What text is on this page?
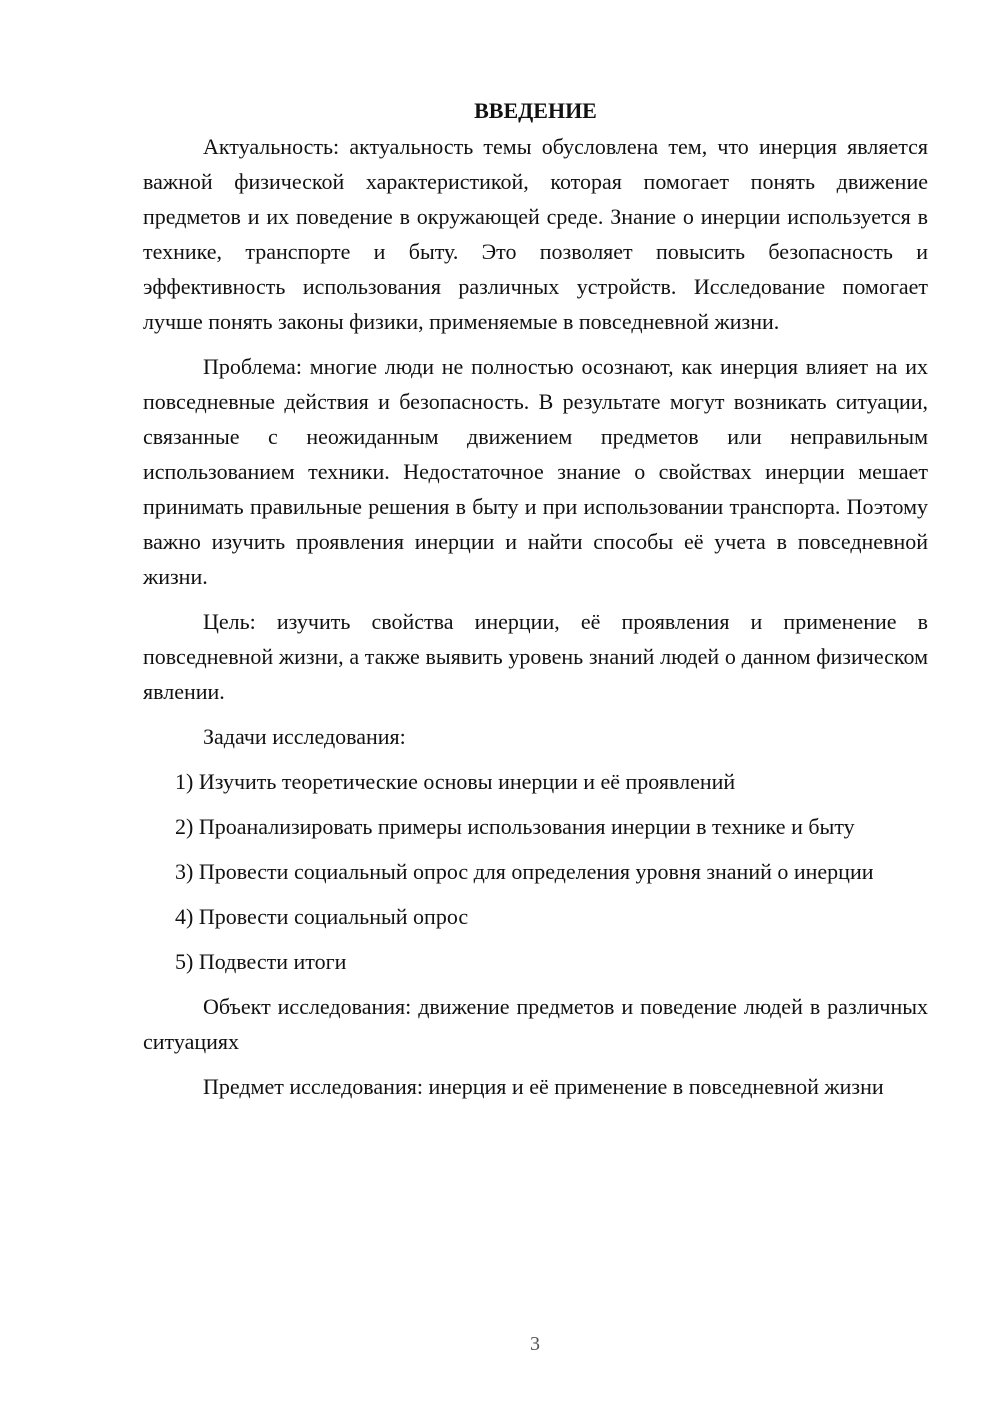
ВВЕДЕНИЕ

Актуальность: актуальность темы обусловлена тем, что инерция является важной физической характеристикой, которая помогает понять движение предметов и их поведение в окружающей среде. Знание о инерции используется в технике, транспорте и быту. Это позволяет повысить безопасность и эффективность использования различных устройств. Исследование помогает лучше понять законы физики, применяемые в повседневной жизни.

Проблема: многие люди не полностью осознают, как инерция влияет на их повседневные действия и безопасность. В результате могут возникать ситуации, связанные с неожиданным движением предметов или неправильным использованием техники. Недостаточное знание о свойствах инерции мешает принимать правильные решения в быту и при использовании транспорта. Поэтому важно изучить проявления инерции и найти способы её учета в повседневной жизни.

Цель: изучить свойства инерции, её проявления и применение в повседневной жизни, а также выявить уровень знаний людей о данном физическом явлении.

Задачи исследования:

1) Изучить теоретические основы инерции и её проявлений

2) Проанализировать примеры использования инерции в технике и быту

3) Провести социальный опрос для определения уровня знаний о инерции

4) Провести социальный опрос

5) Подвести итоги

Объект исследования: движение предметов и поведение людей в различных ситуациях

Предмет исследования: инерция и её применение в повседневной жизни

3
